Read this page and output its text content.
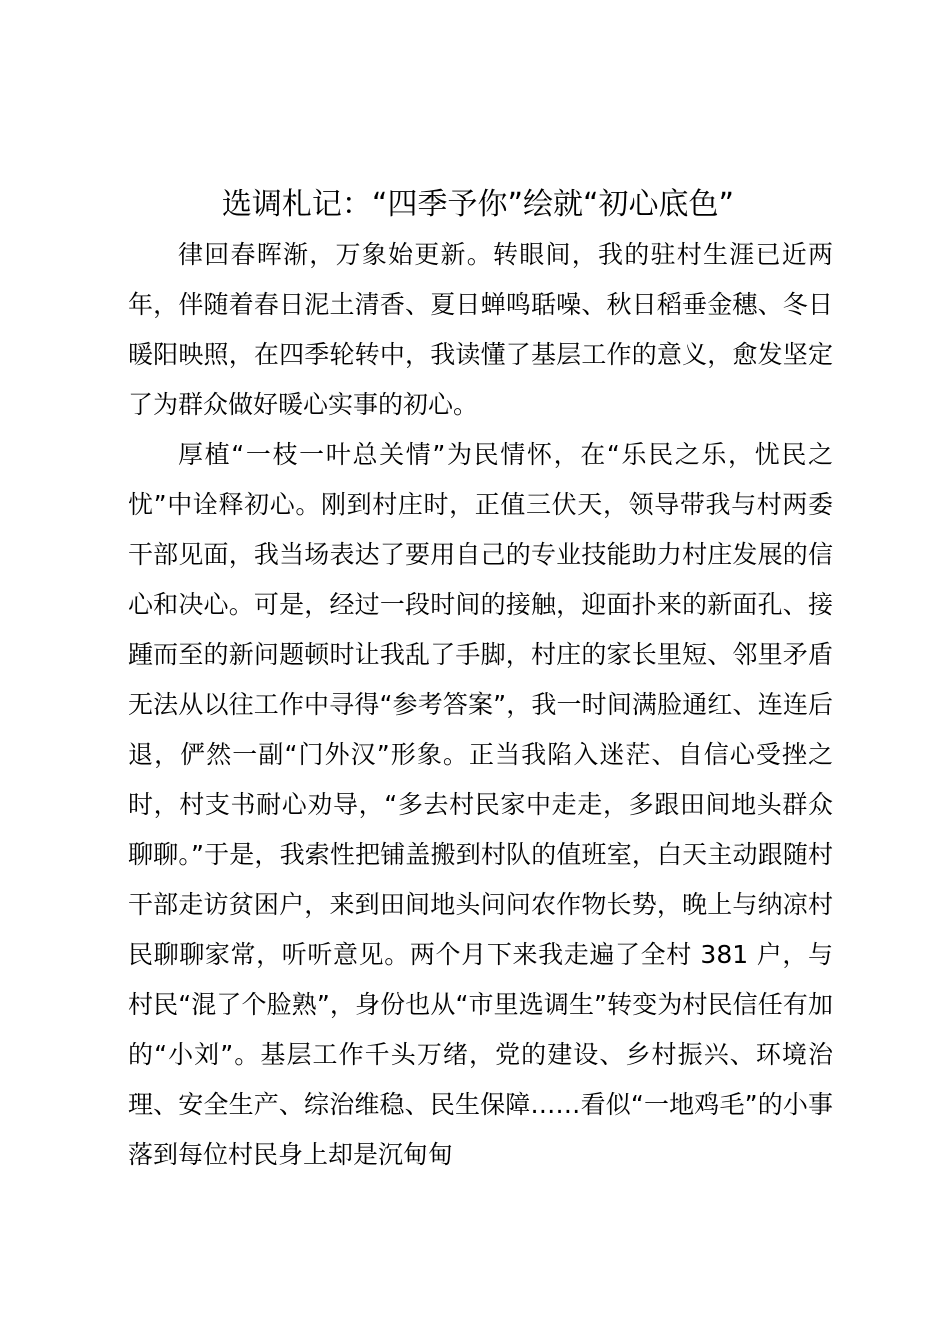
选调札记：“四季予你”绘就“初心底色”

律回春晖渐，万象始更新。转眼间，我的驻村生涯已近两年，伴随着春日泥土清香、夏日蝉鸣聒噪、秋日稻垂金穗、冬日暖阳映照，在四季轮转中，我读懂了基层工作的意义，愈发坚定了为群众做好暖心实事的初心。

厚植“一枝一叶总关情”为民情怀，在“乐民之乐，忧民之忧”中诠释初心。刚到村庄时，正值三伏天，领导带我与村两委干部见面，我当场表达了要用自己的专业技能助力村庄发展的信心和决心。可是，经过一段时间的接触，迎面扑来的新面孔、接踵而至的新问题顿时让我乱了手脚，村庄的家长里短、邻里矛盾无法从以往工作中寻得“参考答案”，我一时间满脸通红、连连后退，俨然一副“门外汉”形象。正当我陷入迷茫、自信心受挫之时，村支书耐心劝导，“多去村民家中走走，多跟田间地头群众聊聊。”于是，我索性把铺盖搬到村队的值班室，白天主动跟随村干部走访贫困户，来到田间地头问问农作物长势，晚上与纳凉村民聊聊家常，听听意见。两个月下来我走遍了全村 381 户，与村民“混了个脸熟”，身份也从“市里选调生”转变为村民信任有加的“小刘”。基层工作千头万绪，党的建设、乡村振兴、环境治理、安全生产、综治维稳、民生保障……看似“一地鸡毛”的小事落到每位村民身上却是沉甸甸
